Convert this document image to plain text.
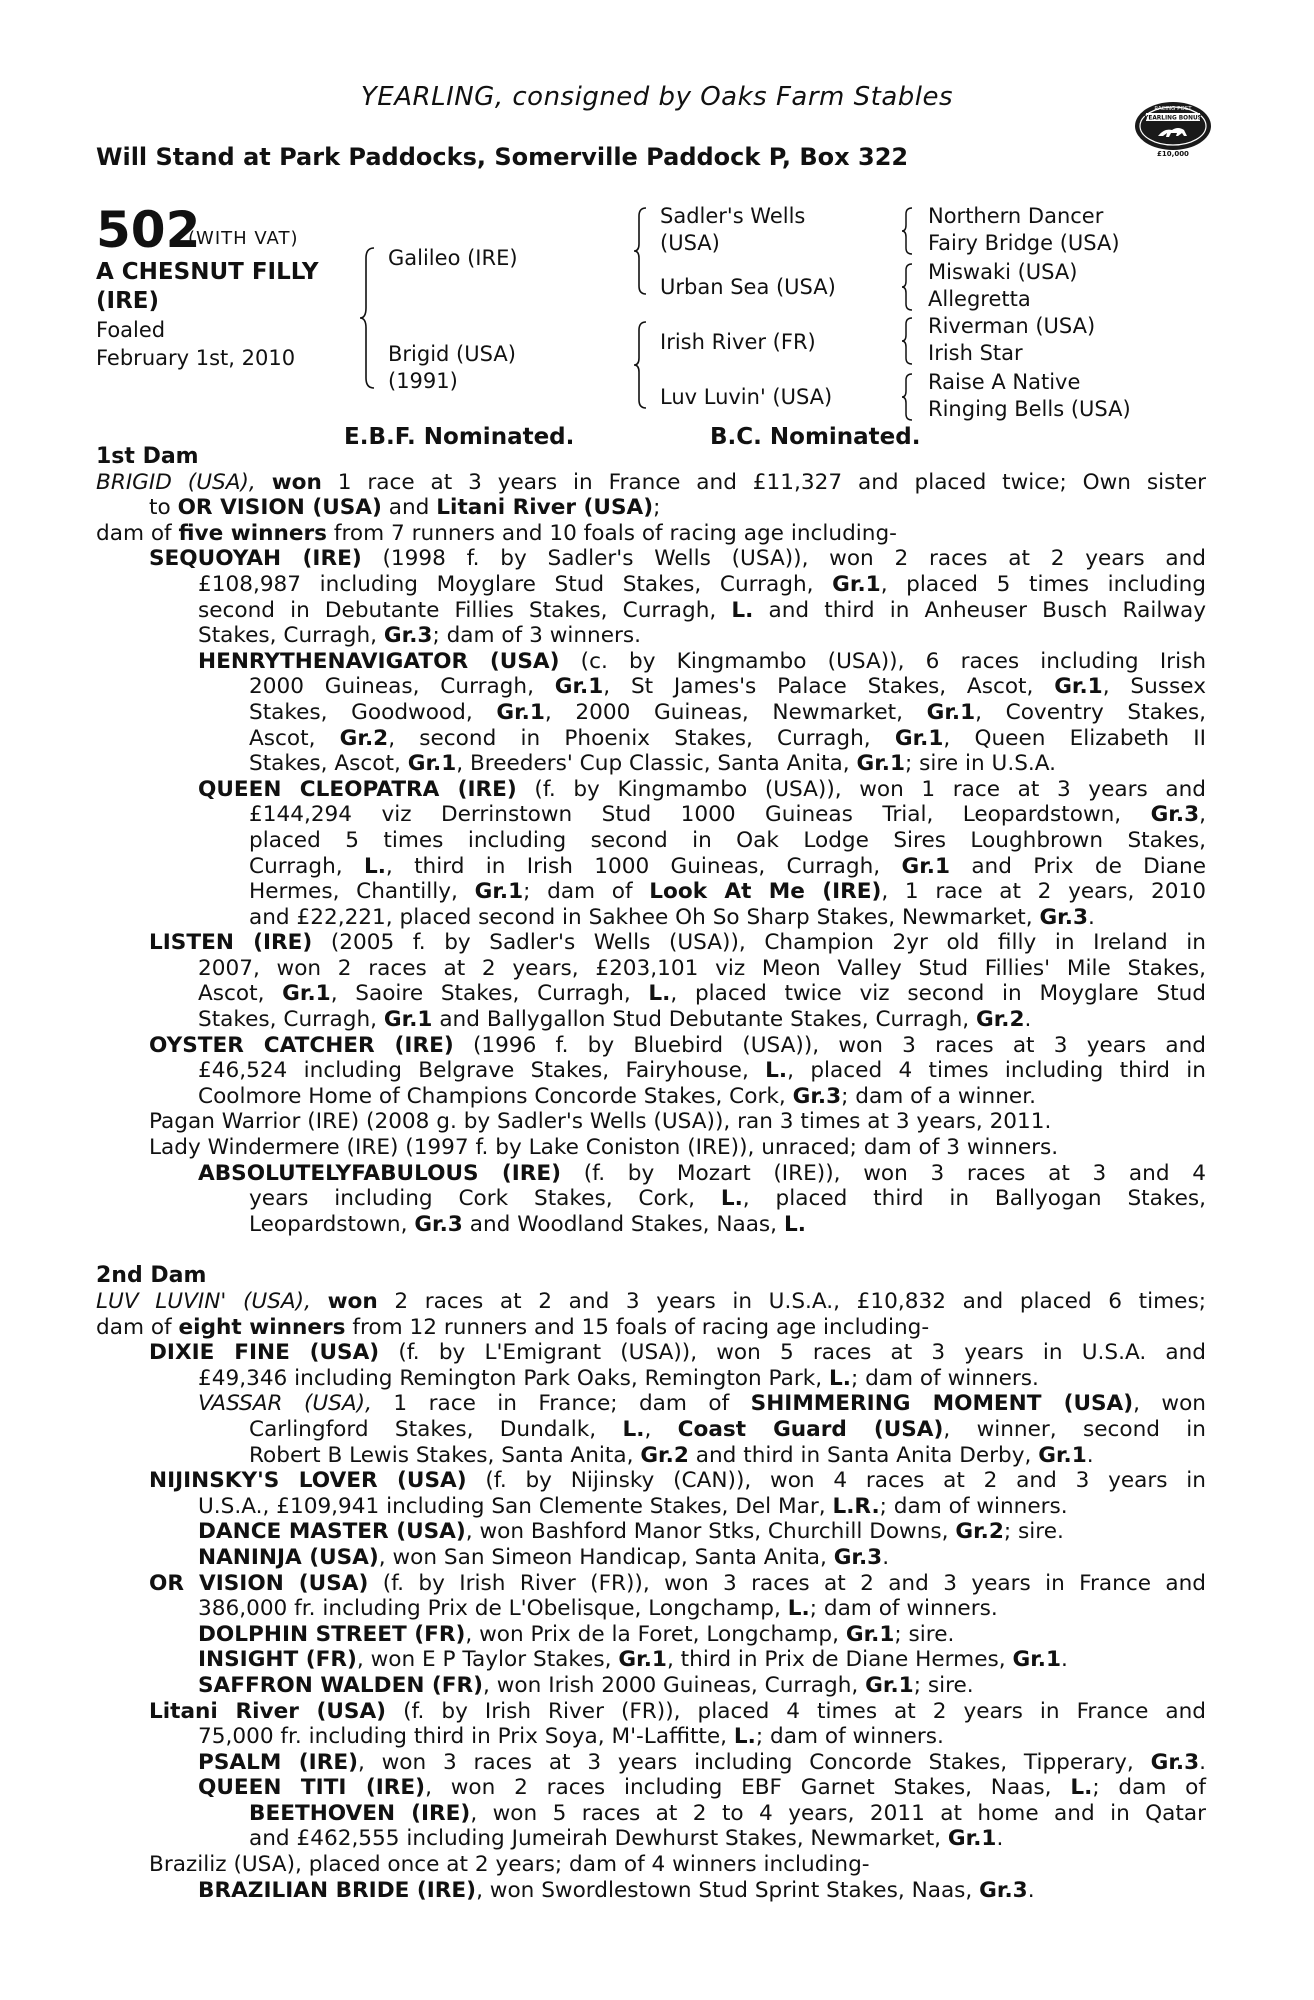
YEARLING, consigned by Oaks Farm Stables
Will Stand at Park Paddocks, Somerville Paddock P, Box 322
RACING POST
YEARLING BONUS
£10,000
502
(WITH VAT)
A CHESNUT FILLY
(IRE)
Foaled
February 1st, 2010
Galileo (IRE)
Brigid (USA)
(1991)
Sadler's Wells
(USA)
Urban Sea (USA)
Irish River (FR)
Luv Luvin' (USA)
Northern Dancer
Fairy Bridge (USA)
Miswaki (USA)
Allegretta
Riverman (USA)
Irish Star
Raise A Native
Ringing Bells (USA)
E.B.F. Nominated.	B.C. Nominated.
1st Dam
BRIGID (USA), won 1 race at 3 years in France and £11,327 and placed twice; Own sister
to OR VISION (USA) and Litani River (USA);
dam of five winners from 7 runners and 10 foals of racing age including-
SEQUOYAH (IRE) (1998 f. by Sadler's Wells (USA)), won 2 races at 2 years and
£108,987 including Moyglare Stud Stakes, Curragh, Gr.1, placed 5 times including
second in Debutante Fillies Stakes, Curragh, L. and third in Anheuser Busch Railway
Stakes, Curragh, Gr.3; dam of 3 winners.
HENRYTHENAVIGATOR (USA) (c. by Kingmambo (USA)), 6 races including Irish
2000 Guineas, Curragh, Gr.1, St James's Palace Stakes, Ascot, Gr.1, Sussex
Stakes, Goodwood, Gr.1, 2000 Guineas, Newmarket, Gr.1, Coventry Stakes,
Ascot, Gr.2, second in Phoenix Stakes, Curragh, Gr.1, Queen Elizabeth II
Stakes, Ascot, Gr.1, Breeders' Cup Classic, Santa Anita, Gr.1; sire in U.S.A.
QUEEN CLEOPATRA (IRE) (f. by Kingmambo (USA)), won 1 race at 3 years and
£144,294 viz Derrinstown Stud 1000 Guineas Trial, Leopardstown, Gr.3,
placed 5 times including second in Oak Lodge Sires Loughbrown Stakes,
Curragh, L., third in Irish 1000 Guineas, Curragh, Gr.1 and Prix de Diane
Hermes, Chantilly, Gr.1; dam of Look At Me (IRE), 1 race at 2 years, 2010
and £22,221, placed second in Sakhee Oh So Sharp Stakes, Newmarket, Gr.3.
LISTEN (IRE) (2005 f. by Sadler's Wells (USA)), Champion 2yr old filly in Ireland in
2007, won 2 races at 2 years, £203,101 viz Meon Valley Stud Fillies' Mile Stakes,
Ascot, Gr.1, Saoire Stakes, Curragh, L., placed twice viz second in Moyglare Stud
Stakes, Curragh, Gr.1 and Ballygallon Stud Debutante Stakes, Curragh, Gr.2.
OYSTER CATCHER (IRE) (1996 f. by Bluebird (USA)), won 3 races at 3 years and
£46,524 including Belgrave Stakes, Fairyhouse, L., placed 4 times including third in
Coolmore Home of Champions Concorde Stakes, Cork, Gr.3; dam of a winner.
Pagan Warrior (IRE) (2008 g. by Sadler's Wells (USA)), ran 3 times at 3 years, 2011.
Lady Windermere (IRE) (1997 f. by Lake Coniston (IRE)), unraced; dam of 3 winners.
ABSOLUTELYFABULOUS (IRE) (f. by Mozart (IRE)), won 3 races at 3 and 4
years including Cork Stakes, Cork, L., placed third in Ballyogan Stakes,
Leopardstown, Gr.3 and Woodland Stakes, Naas, L.
2nd Dam
LUV LUVIN' (USA), won 2 races at 2 and 3 years in U.S.A., £10,832 and placed 6 times;
dam of eight winners from 12 runners and 15 foals of racing age including-
DIXIE FINE (USA) (f. by L'Emigrant (USA)), won 5 races at 3 years in U.S.A. and
£49,346 including Remington Park Oaks, Remington Park, L.; dam of winners.
VASSAR (USA), 1 race in France; dam of SHIMMERING MOMENT (USA), won
Carlingford Stakes, Dundalk, L., Coast Guard (USA), winner, second in
Robert B Lewis Stakes, Santa Anita, Gr.2 and third in Santa Anita Derby, Gr.1.
NIJINSKY'S LOVER (USA) (f. by Nijinsky (CAN)), won 4 races at 2 and 3 years in
U.S.A., £109,941 including San Clemente Stakes, Del Mar, L.R.; dam of winners.
DANCE MASTER (USA), won Bashford Manor Stks, Churchill Downs, Gr.2; sire.
NANINJA (USA), won San Simeon Handicap, Santa Anita, Gr.3.
OR VISION (USA) (f. by Irish River (FR)), won 3 races at 2 and 3 years in France and
386,000 fr. including Prix de L'Obelisque, Longchamp, L.; dam of winners.
DOLPHIN STREET (FR), won Prix de la Foret, Longchamp, Gr.1; sire.
INSIGHT (FR), won E P Taylor Stakes, Gr.1, third in Prix de Diane Hermes, Gr.1.
SAFFRON WALDEN (FR), won Irish 2000 Guineas, Curragh, Gr.1; sire.
Litani River (USA) (f. by Irish River (FR)), placed 4 times at 2 years in France and
75,000 fr. including third in Prix Soya, M'-Laffitte, L.; dam of winners.
PSALM (IRE), won 3 races at 3 years including Concorde Stakes, Tipperary, Gr.3.
QUEEN TITI (IRE), won 2 races including EBF Garnet Stakes, Naas, L.; dam of
BEETHOVEN (IRE), won 5 races at 2 to 4 years, 2011 at home and in Qatar
and £462,555 including Jumeirah Dewhurst Stakes, Newmarket, Gr.1.
Braziliz (USA), placed once at 2 years; dam of 4 winners including-
BRAZILIAN BRIDE (IRE), won Swordlestown Stud Sprint Stakes, Naas, Gr.3.
